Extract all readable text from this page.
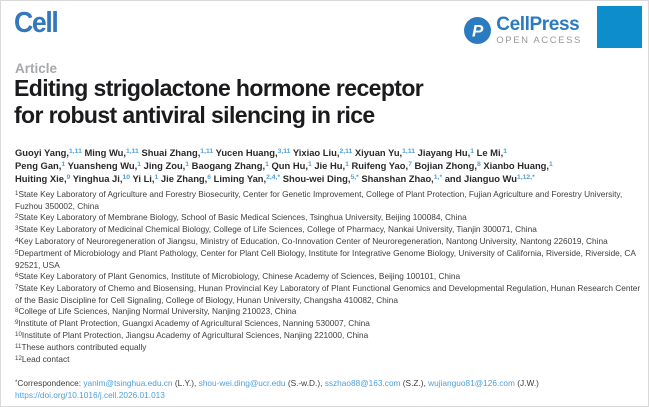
Cell	P CellPress
OPEN ACCESS
Article
Editing strigolactone hormone receptor
for robust antiviral silencing in rice
Guoyi Yang,$^{1,11}$ Ming Wu,$^{1,11}$ Shuai Zhang,$^{1,11}$ Yucen Huang,$^{3,11}$ Yixiao Liu,$^{2,11}$ Xiyuan Yu,$^{1,11}$ Jiayang Hu,$^1$ Le Mi,$^1$
Peng Gan,$^1$ Yuansheng Wu,$^1$ Jing Zou,$^1$ Baogang Zhang,$^1$ Qun Hu,$^1$ Jie Hu,$^1$ Ruifeng Yao,$^7$ Bojian Zhong,$^8$ Xianbo Huang,$^1$
Huiting Xie,$^9$ Yinghua Ji,$^{10}$ Yi Li,$^1$ Jie Zhang,$^6$ Liming Yan,$^{2,4,*}$ Shou-wei Ding,$^{5,*}$ Shanshan Zhao,$^{1,*}$ and Jianguo $Wu^{1,12,*}$
$^1$State Key Laboratory of Agriculture and Forestry Biosecurity, Center for Genetic Improvement, College of Plant Protection, Fujian Agriculture and Forestry University, Fuzhou 350002, China
$^2$State Key Laboratory of Membrane Biology, School of Basic Medical Sciences, Tsinghua University, Beijing 100084, China
$^3$State Key Laboratory of Medicinal Chemical Biology, College of Life Sciences, College of Pharmacy, Nankai University, Tianjin 300071, China
$^4$Key Laboratory of Neuroregeneration of Jiangsu, Ministry of Education, Co-Innovation Center of Neuroregeneration, Nantong University, Nantong 226019, China
$^5$Department of Microbiology and Plant Pathology, Center for Plant Cell Biology, Institute for Integrative Genome Biology, University of California, Riverside, Riverside, CA 92521, USA
$^6$State Key Laboratory of Plant Genomics, Institute of Microbiology, Chinese Academy of Sciences, Beijing 100101, China
$^7$State Key Laboratory of Chemo and Biosensing, Hunan Provincial Key Laboratory of Plant Functional Genomics and Developmental Regulation, Hunan Research Center of the Basic Discipline for Cell Signaling, College of Biology, Hunan University, Changsha 410082, China
$^8$College of Life Sciences, Nanjing Normal University, Nanjing 210023, China
$^9$Institute of Plant Protection, Guangxi Academy of Agricultural Sciences, Nanning 530007, China
$^{10}$Institute of Plant Protection, Jiangsu Academy of Agricultural Sciences, Nanjing 221000, China
$^{11}$These authors contributed equally
$^{12}$Lead contact
*Correspondence: yanlm@tsinghua.edu.cn (L.Y.), shou-wei.ding@ucr.edu (S.-w.D.), sszhao88@163.com (S.Z.), wujianguo81@126.com (J.W.)
https://doi.org/10.1016/j.cell.2026.01.013
